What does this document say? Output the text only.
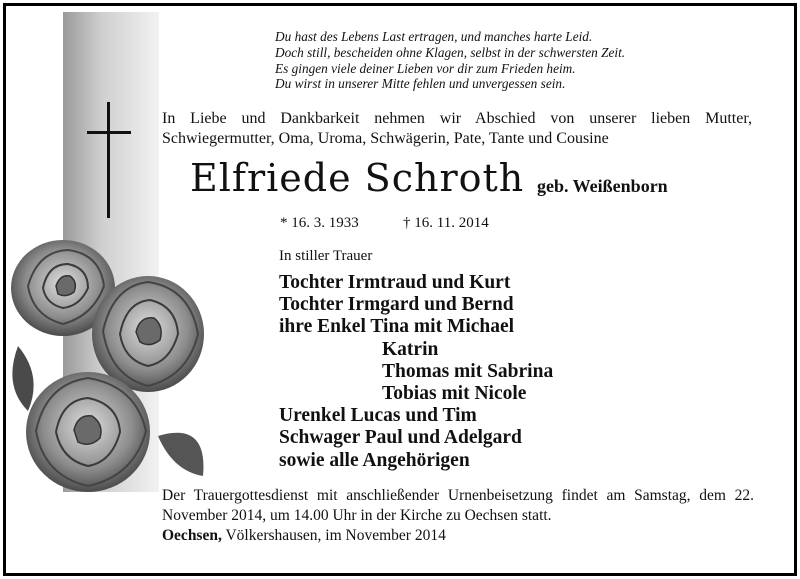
Du hast des Lebens Last ertragen, und manches harte Leid.
Doch still, bescheiden ohne Klagen, selbst in der schwersten Zeit.
Es gingen viele deiner Lieben vor dir zum Frieden heim.
Du wirst in unserer Mitte fehlen und unvergessen sein.
In Liebe und Dankbarkeit nehmen wir Abschied von unserer lieben Mutter, Schwiegermutter, Oma, Uroma, Schwägerin, Pate, Tante und Cousine
Elfriede Schroth geb. Weißenborn
* 16. 3. 1933	† 16. 11. 2014
In stiller Trauer
Tochter Irmtraud und Kurt
Tochter Irmgard und Bernd
ihre Enkel Tina mit Michael
Katrin
Thomas mit Sabrina
Tobias mit Nicole
Urenkel Lucas und Tim
Schwager Paul und Adelgard
sowie alle Angehörigen
Der Trauergottesdienst mit anschließender Urnenbeisetzung findet am Samstag, dem 22. November 2014, um 14.00 Uhr in der Kirche zu Oechsen statt.
Oechsen, Völkershausen, im November 2014
